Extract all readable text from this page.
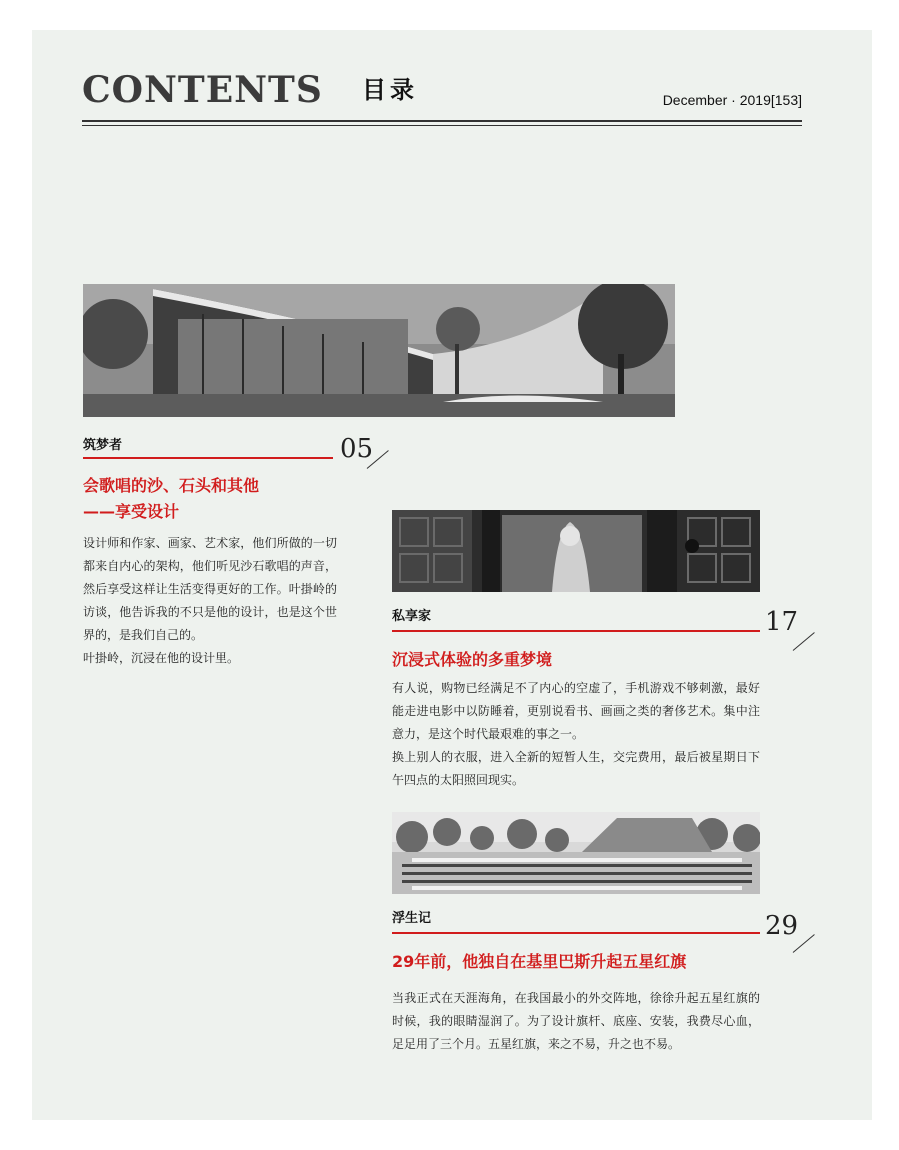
CONTENTS 目录	December · 2019[153]
筑梦者	05
会歌唱的沙、石头和其他
——享受设计

设计师和作家、画家、艺术家，他们所做的一切都来自内心的架构，他们听见沙石歌唱的声音，然后享受这样让生活变得更好的工作。叶掛岭的访谈，他告诉我的不只是他的设计，也是这个世界的，是我们自己的。

叶掛岭，沉浸在他的设计里。

私享家	17
沉浸式体验的多重梦境

有人说，购物已经满足不了内心的空虚了，手机游戏不够刺激，最好能走进电影中以防睡着，更别说看书、画画之类的奢侈艺术。集中注意力，是这个时代最艰难的事之一。

换上别人的衣服，进入全新的短暂人生，交完费用，最后被星期日下午四点的太阳照回现实。

浮生记	29
29年前，他独自在基里巴斯升起五星红旗

当我正式在天涯海角，在我国最小的外交阵地，徐徐升起五星红旗的时候，我的眼睛湿润了。为了设计旗杆、底座、安装，我费尽心血，足足用了三个月。五星红旗，来之不易，升之也不易。
